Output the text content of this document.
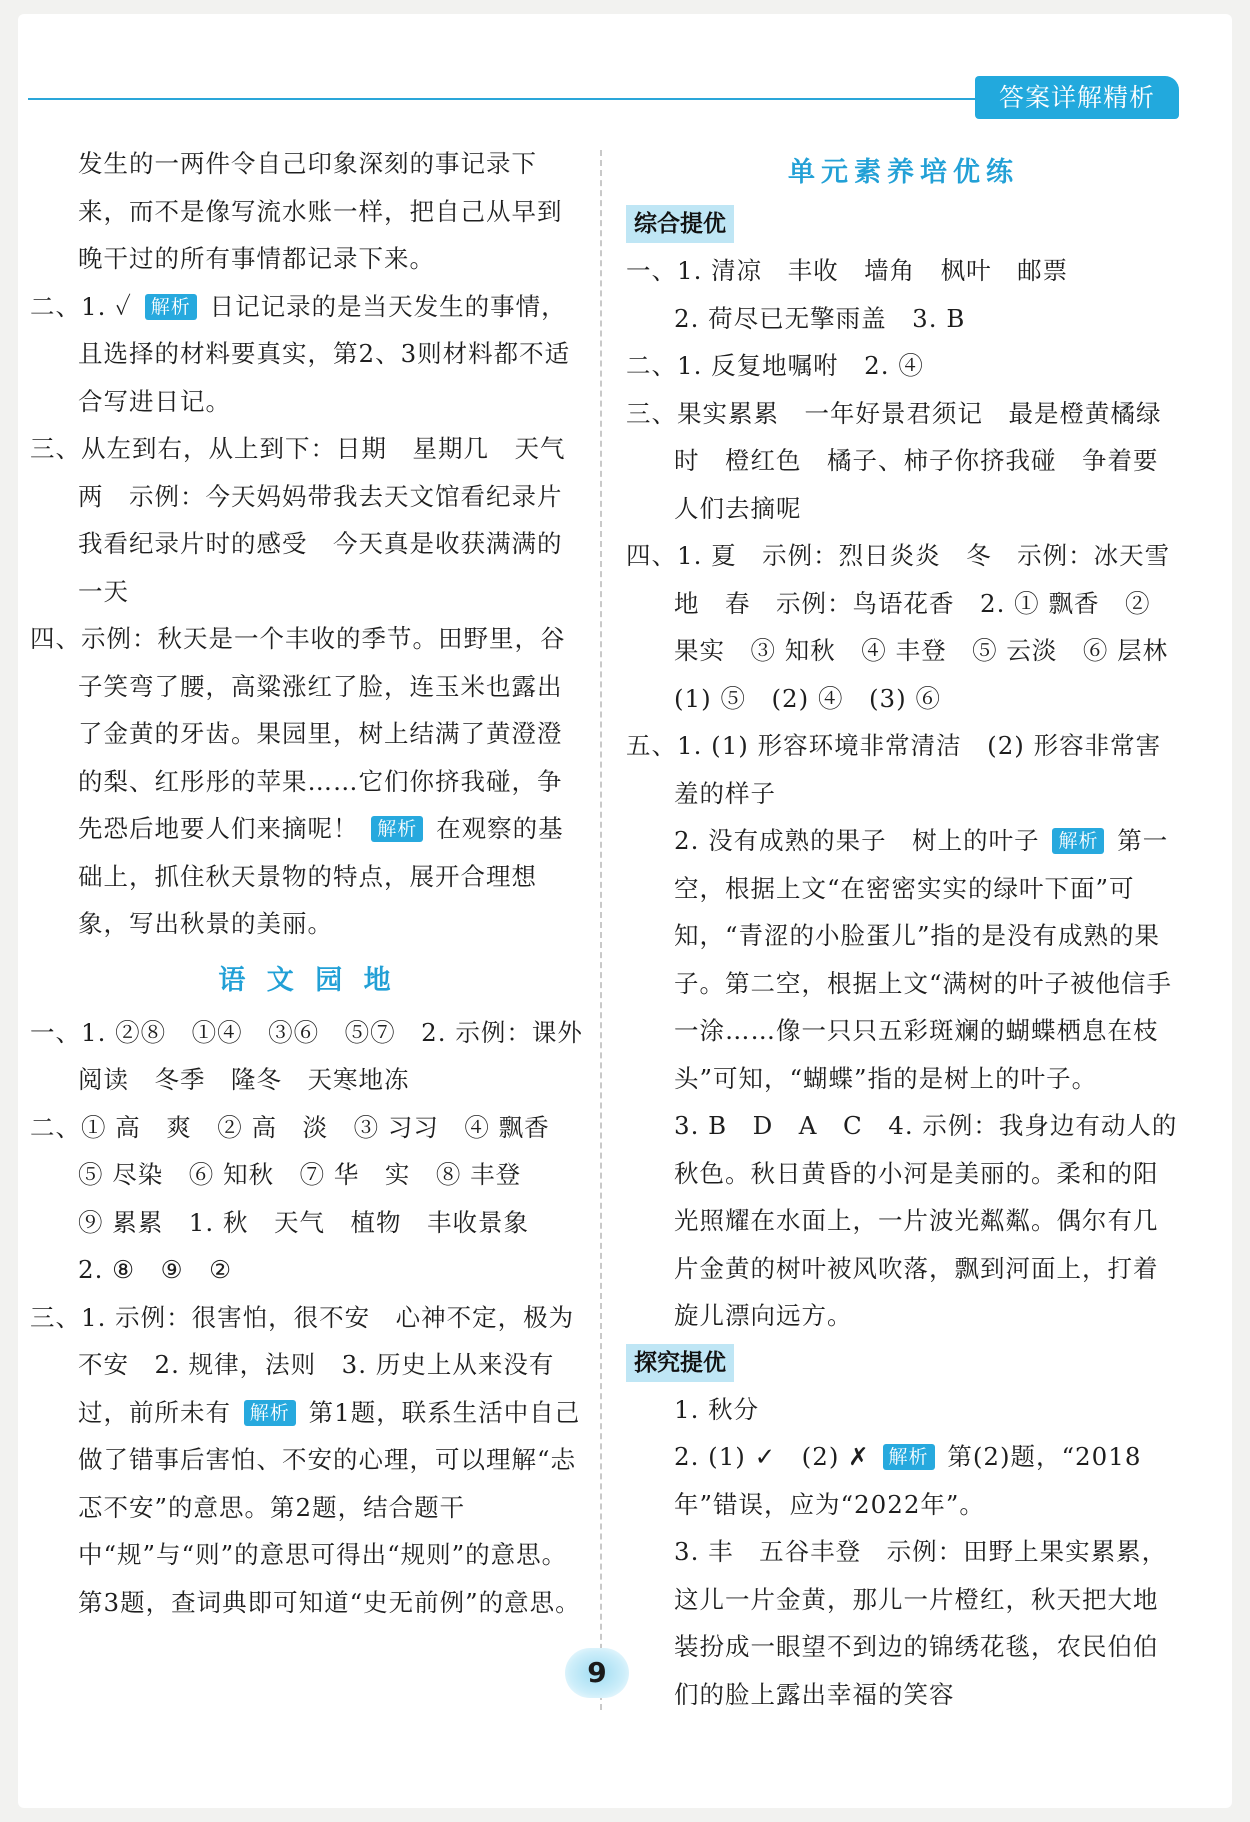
答案详解精析

发生的一两件令自己印象深刻的事记录下来，而不是像写流水账一样，把自己从早到晚干过的所有事情都记录下来。

二、1. ✓ 解析 日记记录的是当天发生的事情，且选择的材料要真实，第2、3则材料都不适合写进日记。

三、从左到右，从上到下：日期　星期几　天气　两　示例：今天妈妈带我去天文馆看纪录片　我看纪录片时的感受　今天真是收获满满的一天

四、示例：秋天是一个丰收的季节。田野里，谷子笑弯了腰，高粱涨红了脸，连玉米也露出了金黄的牙齿。果园里，树上结满了黄澄澄的梨、红彤彤的苹果……它们你挤我碰，争先恐后地要人们来摘呢！ 解析 在观察的基础上，抓住秋天景物的特点，展开合理想象，写出秋景的美丽。

语 文 园 地

一、1. ②⑧　①④　③⑥　⑤⑦　2. 示例：课外阅读　冬季　隆冬　天寒地冻

二、① 高　爽　② 高　淡　③ 习习　④ 飘香

⑤ 尽染　⑥ 知秋　⑦ 华　实　⑧ 丰登

⑨ 累累　1. 秋　天气　植物　丰收景象

2. ⑧　⑨　②

三、1. 示例：很害怕，很不安　心神不定，极为不安　2. 规律，法则　3. 历史上从来没有过，前所未有 解析 第1题，联系生活中自己做了错事后害怕、不安的心理，可以理解“忐忑不安”的意思。第2题，结合题干中“规”与“则”的意思可得出“规则”的意思。第3题，查词典即可知道“史无前例”的意思。

单元素养培优练
综合提优

一、1. 清凉　丰收　墙角　枫叶　邮票

2. 荷尽已无擎雨盖　3. B

二、1. 反复地嘱咐　2. ④

三、果实累累　一年好景君须记　最是橙黄橘绿时　橙红色　橘子、柿子你挤我碰　争着要人们去摘呢

四、1. 夏　示例：烈日炎炎　冬　示例：冰天雪地　春　示例：鸟语花香　2. ① 飘香　② 果实　③ 知秋　④ 丰登　⑤ 云淡　⑥ 层林　(1) ⑤　(2) ④　(3) ⑥

五、1. (1) 形容环境非常清洁　(2) 形容非常害羞的样子

2. 没有成熟的果子　树上的叶子 解析 第一空，根据上文“在密密实实的绿叶下面”可知，“青涩的小脸蛋儿”指的是没有成熟的果子。第二空，根据上文“满树的叶子被他信手一涂……像一只只五彩斑斓的蝴蝶栖息在枝头”可知，“蝴蝶”指的是树上的叶子。

3. B　D　A　C　4. 示例：我身边有动人的秋色。秋日黄昏的小河是美丽的。柔和的阳光照耀在水面上，一片波光粼粼。偶尔有几片金黄的树叶被风吹落，飘到河面上，打着旋儿漂向远方。

探究提优

1. 秋分

2. (1) ✓　(2) ✗ 解析 第(2)题，“2018年”错误，应为“2022年”。

3. 丰　五谷丰登　示例：田野上果实累累，这儿一片金黄，那儿一片橙红，秋天把大地装扮成一眼望不到边的锦绣花毯，农民伯伯们的脸上露出幸福的笑容

9
